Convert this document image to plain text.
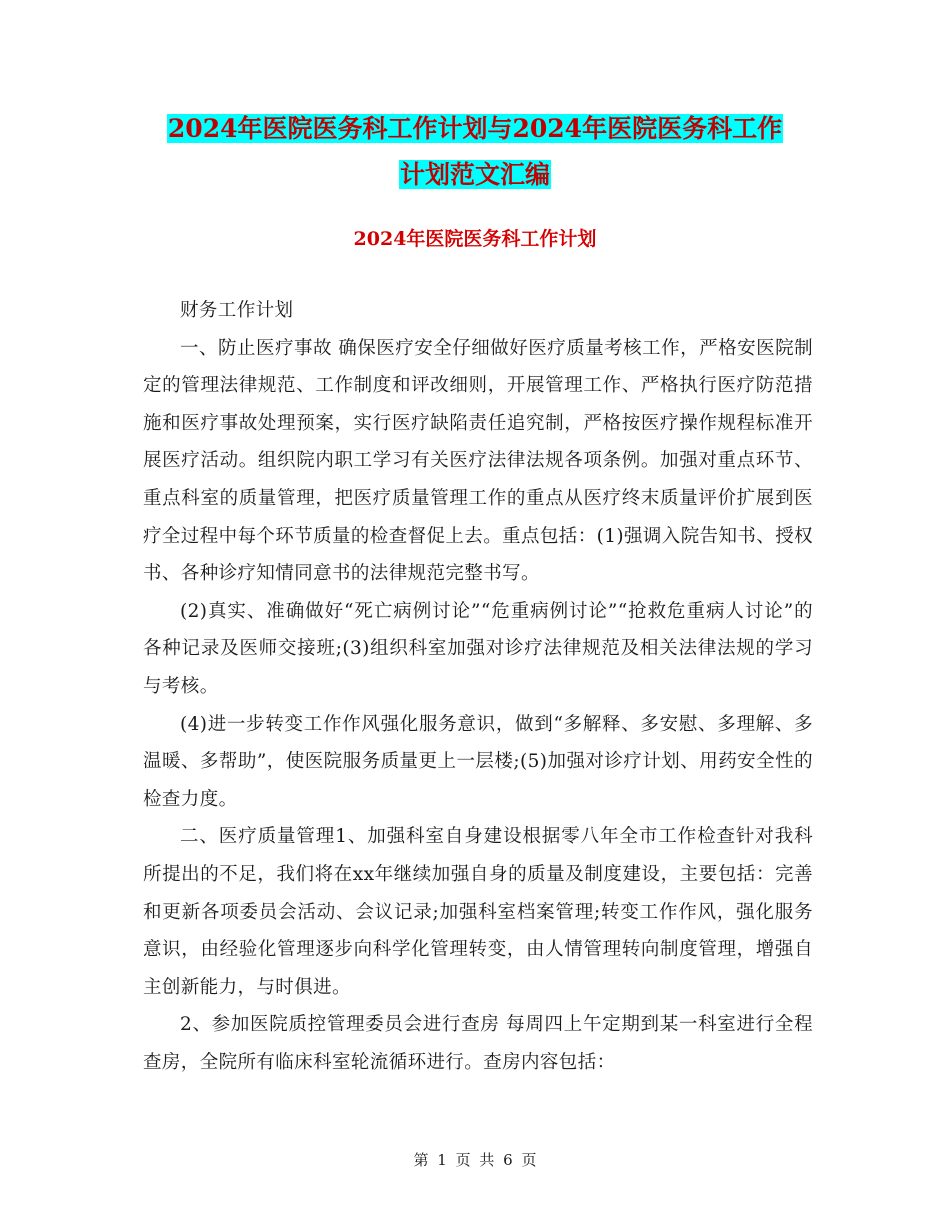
2024年医院医务科工作计划与2024年医院医务科工作
计划范文汇编
2024年医院医务科工作计划

财务工作计划

一、防止医疗事故 确保医疗安全仔细做好医疗质量考核工作，严格安医院制定的管理法律规范、工作制度和评改细则，开展管理工作、严格执行医疗防范措施和医疗事故处理预案，实行医疗缺陷责任追究制，严格按医疗操作规程标准开展医疗活动。组织院内职工学习有关医疗法律法规各项条例。加强对重点环节、重点科室的质量管理，把医疗质量管理工作的重点从医疗终末质量评价扩展到医疗全过程中每个环节质量的检查督促上去。重点包括：(1)强调入院告知书、授权书、各种诊疗知情同意书的法律规范完整书写。

(2)真实、准确做好“死亡病例讨论”“危重病例讨论”“抢救危重病人讨论”的各种记录及医师交接班;(3)组织科室加强对诊疗法律规范及相关法律法规的学习与考核。

(4)进一步转变工作作风强化服务意识，做到“多解释、多安慰、多理解、多温暖、多帮助”，使医院服务质量更上一层楼;(5)加强对诊疗计划、用药安全性的检查力度。

二、医疗质量管理1、加强科室自身建设根据零八年全市工作检查针对我科所提出的不足，我们将在xx年继续加强自身的质量及制度建设，主要包括：完善和更新各项委员会活动、会议记录;加强科室档案管理;转变工作作风，强化服务意识，由经验化管理逐步向科学化管理转变，由人情管理转向制度管理，增强自主创新能力，与时俱进。

2、参加医院质控管理委员会进行查房 每周四上午定期到某一科室进行全程查房，全院所有临床科室轮流循环进行。查房内容包括：

第 1 页 共 6 页
